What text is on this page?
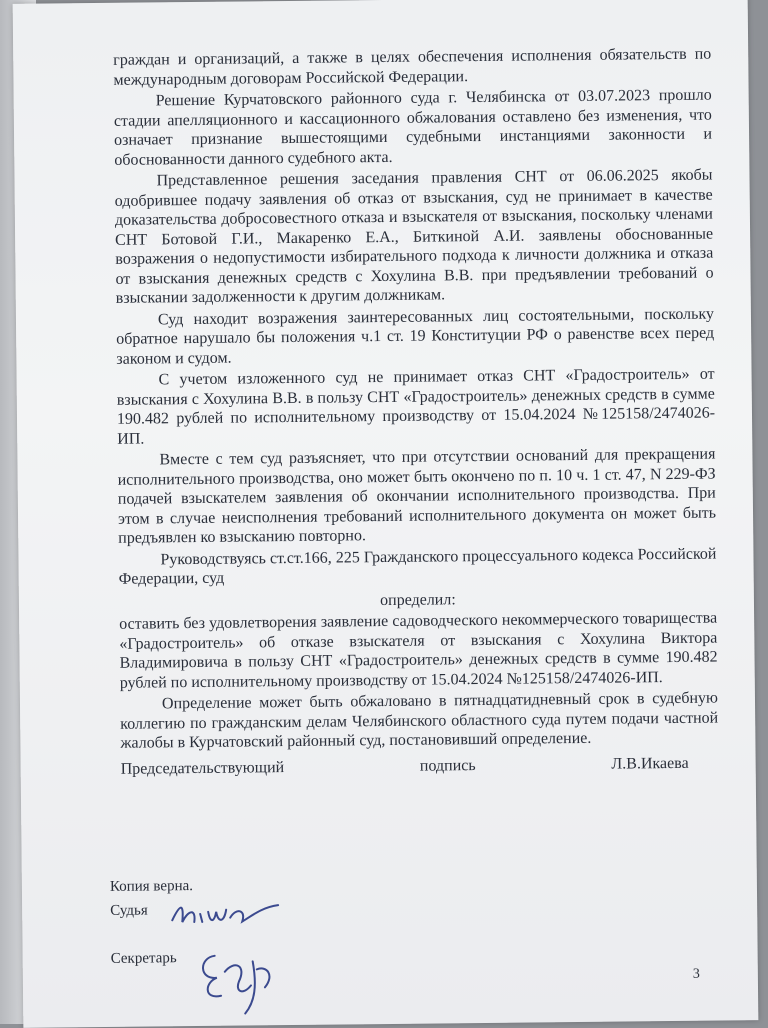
граждан и организаций, а также в целях обеспечения исполнения обязательств по международным договорам Российской Федерации.

Решение Курчатовского районного суда г. Челябинска от 03.07.2023 прошло стадии апелляционного и кассационного обжалования оставлено без изменения, что означает признание вышестоящими судебными инстанциями законности и обоснованности данного судебного акта.

Представленное решения заседания правления СНТ от 06.06.2025 якобы одобрившее подачу заявления об отказ от взыскания, суд не принимает в качестве доказательства добросовестного отказа и взыскателя от взыскания, поскольку членами СНТ Ботовой Г.И., Макаренко Е.А., Биткиной А.И. заявлены обоснованные возражения о недопустимости избирательного подхода к личности должника и отказа от взыскания денежных средств с Хохулина В.В. при предъявлении требований о взыскании задолженности к другим должникам.

Суд находит возражения заинтересованных лиц состоятельными, поскольку обратное нарушало бы положения ч.1 ст. 19 Конституции РФ о равенстве всех перед законом и судом.

С учетом изложенного суд не принимает отказ СНТ «Градостроитель» от взыскания с Хохулина В.В. в пользу СНТ «Градостроитель» денежных средств в сумме 190.482 рублей по исполнительному производству от 15.04.2024 №125158/2474026-ИП.

Вместе с тем суд разъясняет, что при отсутствии оснований для прекращения исполнительного производства, оно может быть окончено по п. 10 ч. 1 ст. 47, N 229-ФЗ подачей взыскателем заявления об окончании исполнительного производства. При этом в случае неисполнения требований исполнительного документа он может быть предъявлен ко взысканию повторно.

Руководствуясь ст.ст.166, 225 Гражданского процессуального кодекса Российской Федерации, суд

определил:

оставить без удовлетворения заявление садоводческого некоммерческого товарищества «Градостроитель» об отказе взыскателя от взыскания с Хохулина Виктора Владимировича в пользу СНТ «Градостроитель» денежных средств в сумме 190.482 рублей по исполнительному производству от 15.04.2024 №125158/2474026-ИП.

Определение может быть обжаловано в пятнадцатидневный срок в судебную коллегию по гражданским делам Челябинского областного суда путем подачи частной жалобы в Курчатовский районный суд, постановивший определение.

Председательствующий	подпись	Л.В.Икаева
Копия верна.
Судья
Секретарь
3
